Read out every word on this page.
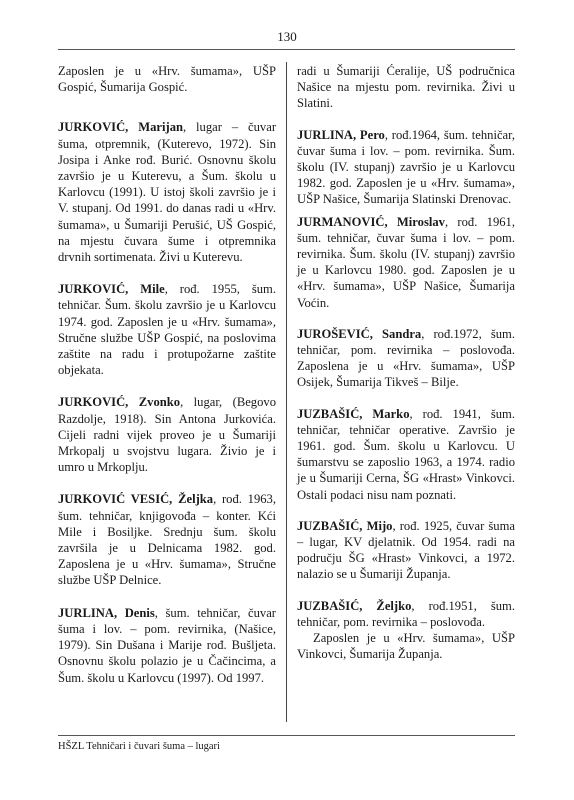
130

Zaposlen je u «Hrv. šumama», UŠP Gospić, Šumarija Gospić.

JURKOVIĆ, Marijan, lugar – čuvar šuma, otpremnik, (Kuterevo, 1972). Sin Josipa i Anke rođ. Burić. Osnovnu školu završio je u Kuterevu, a Šum. školu u Karlovcu (1991). U istoj školi završio je i V. stupanj. Od 1991. do danas radi u «Hrv. šumama», u Šumariji Perušić, UŠ Gospić, na mjestu čuvara šume i otpremnika drvnih sortimenata. Živi u Kuterevu.

JURKOVIĆ, Mile, rođ. 1955, šum. tehničar. Šum. školu završio je u Karlovcu 1974. god. Zaposlen je u «Hrv. šumama», Stručne službe UŠP Gospić, na poslovima zaštite na radu i protupožarne zaštite objekata.

JURKOVIĆ, Zvonko, lugar, (Begovo Razdolje, 1918). Sin Antona Jurkovića. Cijeli radni vijek proveo je u Šumariji Mrkopalj u svojstvu lugara. Živio je i umro u Mrkoplju.

JURKOVIĆ VESIĆ, Željka, rođ. 1963, šum. tehničar, knjigovođa – konter. Kći Mile i Bosiljke. Srednju šum. školu završila je u Delnicama 1982. god. Zaposlena je u «Hrv. šumama», Stručne službe UŠP Delnice.

JURLINA, Denis, šum. tehničar, čuvar šuma i lov. – pom. revirnika, (Našice, 1979). Sin Dušana i Marije rođ. Bušljeta. Osnovnu školu polazio je u Čačincima, a Šum. školu u Karlovcu (1997). Od 1997.

radi u Šumariji Ćeralije, UŠ područnica Našice na mjestu pom. revirnika. Živi u Slatini.

JURLINA, Pero, rođ.1964, šum. tehničar, čuvar šuma i lov. – pom. revirnika. Šum. školu (IV. stupanj) završio je u Karlovcu 1982. god. Zaposlen je u «Hrv. šumama», UŠP Našice, Šumarija Slatinski Drenovac.

JURMANOVIĆ, Miroslav, rođ. 1961, šum. tehničar, čuvar šuma i lov. – pom. revirnika. Šum. školu (IV. stupanj) završio je u Karlovcu 1980. god. Zaposlen je u «Hrv. šumama», UŠP Našice, Šumarija Voćin.

JUROŠEVIĆ, Sandra, rođ.1972, šum. tehničar, pom. revirnika – poslovođa. Zaposlena je u «Hrv. šumama», UŠP Osijek, Šumarija Tikveš – Bilje.

JUZBAŠIĆ, Marko, rođ. 1941, šum. tehničar, tehničar operative. Završio je 1961. god. Šum. školu u Karlovcu. U šumarstvu se zaposlio 1963, a 1974. radio je u Šumariji Cerna, ŠG «Hrast» Vinkovci. Ostali podaci nisu nam poznati.

JUZBAŠIĆ, Mijo, rođ. 1925, čuvar šuma – lugar, KV djelatnik. Od 1954. radi na području ŠG «Hrast» Vinkovci, a 1972. nalazio se u Šumariji Županja.

JUZBAŠIĆ, Željko, rođ.1951, šum. tehničar, pom. revirnika – poslovođa.
Zaposlen je u «Hrv. šumama», UŠP Vinkovci, Šumarija Županja.

HŠZL Tehničari i čuvari šuma – lugari
